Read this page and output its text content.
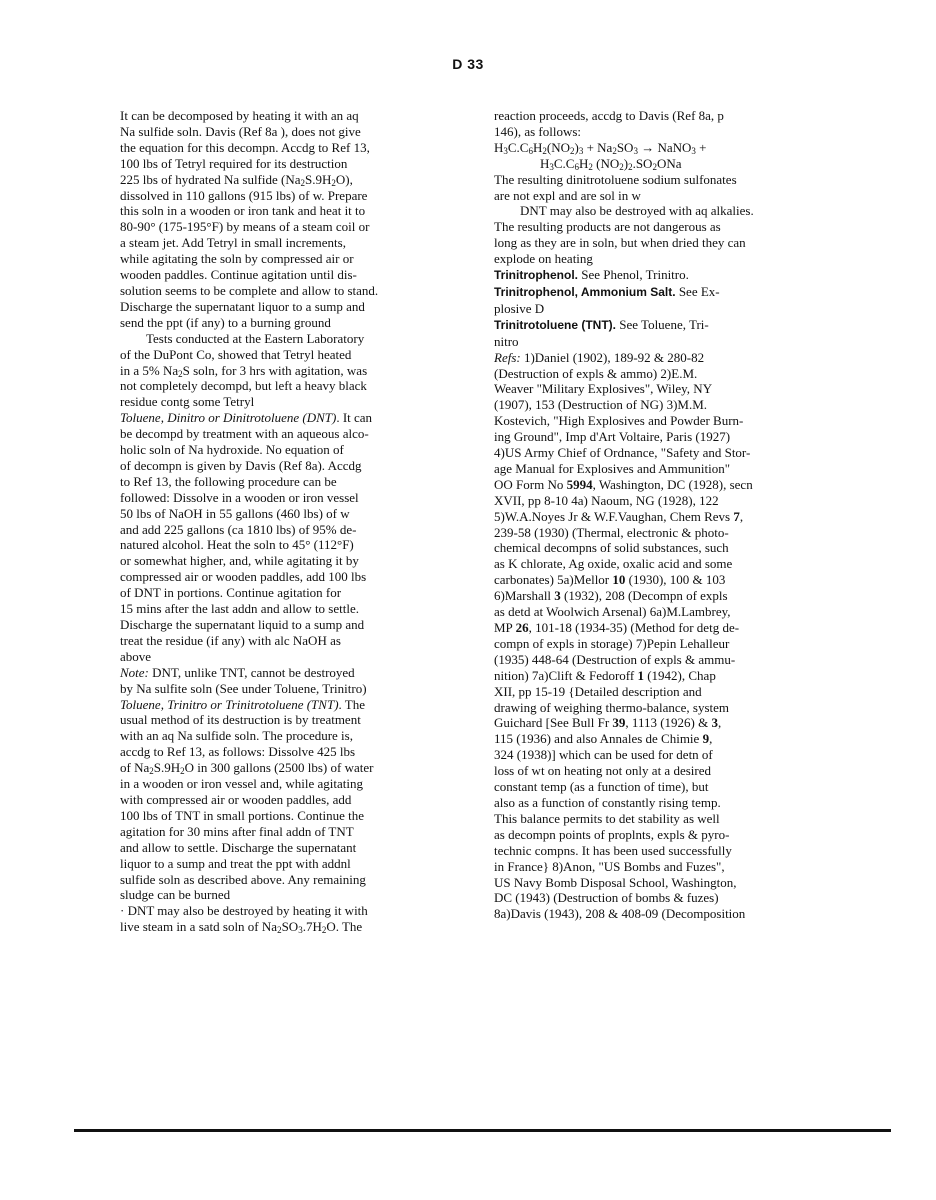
D 33

It can be decomposed by heating it with an aq

Na sulfide soln. Davis (Ref 8a ), does not give

the equation for this decompn. Accdg to Ref 13,

100 lbs of Tetryl required for its destruction

225 lbs of hydrated Na sulfide $(Na_2S.9H_2O)$,

dissolved in 110 gallons (915 lbs) of w. Prepare

this soln in a wooden or iron tank and heat it to

80-90° (175-195°F) by means of a steam coil or

a steam jet. Add Tetryl in small increments,

while agitating the soln by compressed air or

wooden paddles. Continue agitation until dis-

solution seems to be complete and allow to stand.

Discharge the supernatant liquor to a sump and

send the ppt (if any) to a burning ground

Tests conducted at the Eastern Laboratory

of the DuPont Co, showed that Tetryl heated

in a 5% $Na_2S$ soln, for 3 hrs with agitation, was

not completely decompd, but left a heavy black

residue contg some Tetryl

Toluene, Dinitro or Dinitrotoluene (DNT). It can

be decompd by treatment with an aqueous alco-

holic soln of Na hydroxide. No equation of

of decompn is given by Davis (Ref 8a). Accdg

to Ref 13, the following procedure can be

followed: Dissolve in a wooden or iron vessel

50 lbs of NaOH in 55 gallons (460 lbs) of w

and add 225 gallons (ca 1810 lbs) of 95% de-

natured alcohol. Heat the soln to 45° (112°F)

or somewhat higher, and, while agitating it by

compressed air or wooden paddles, add 100 lbs

of DNT in portions. Continue agitation for

15 mins after the last addn and allow to settle.

Discharge the supernatant liquid to a sump and

treat the residue (if any) with alc NaOH as

above

Note: DNT, unlike TNT, cannot be destroyed

by Na sulfite soln (See under Toluene, Trinitro)

Toluene, Trinitro or Trinitrotoluene (TNT). The

usual method of its destruction is by treatment

with an aq Na sulfide soln. The procedure is,

accdg to Ref 13, as follows: Dissolve 425 lbs

of $Na_2S.9H_2O$ in 300 gallons (2500 lbs) of water

in a wooden or iron vessel and, while agitating

with compressed air or wooden paddles, add

100 lbs of TNT in small portions. Continue the

agitation for 30 mins after final addn of TNT

and allow to settle. Discharge the supernatant

liquor to a sump and treat the ppt with addnl

sulfide soln as described above. Any remaining

sludge can be burned

· DNT may also be destroyed by heating it with

live steam in a satd soln of $Na_2SO_3.7H_2O$. The

reaction proceeds, accdg to Davis (Ref 8a, p

146), as follows:

$H_3C.C_6H_2(NO_2)_3 + Na_2SO_3$ → NaNO$_3$ +

$H_3C.C_6H_2$ $(NO_2)_2.SO_2ONa$

The resulting dinitrotoluene sodium sulfonates

are not expl and are sol in w

DNT may also be destroyed with aq alkalies.

The resulting products are not dangerous as

long as they are in soln, but when dried they can

explode on heating

Trinitrophenol. See Phenol, Trinitro.

Trinitrophenol, Ammonium Salt. See Ex-

plosive D

Trinitrotoluene (TNT). See Toluene, Tri-

nitro

Refs: 1)Daniel (1902), 189-92 & 280-82

(Destruction of expls & ammo) 2)E.M.

Weaver "Military Explosives", Wiley, NY

(1907), 153 (Destruction of NG) 3)M.M.

Kostevich, "High Explosives and Powder Burn-

ing Ground", Imp d'Art Voltaire, Paris (1927)

4)US Army Chief of Ordnance, "Safety and Stor-

age Manual for Explosives and Ammunition"

OO Form No 5994, Washington, DC (1928), secn

XVII, pp 8-10 4a) Naoum, NG (1928), 122

5)W.A.Noyes Jr & W.F.Vaughan, Chem Revs 7,

239-58 (1930) (Thermal, electronic & photo-

chemical decompns of solid substances, such

as K chlorate, Ag oxide, oxalic acid and some

carbonates) 5a)Mellor 10 (1930), 100 & 103

6)Marshall 3 (1932), 208 (Decompn of expls

as detd at Woolwich Arsenal) 6a)M.Lambrey,

MP 26, 101-18 (1934-35) (Method for detg de-

compn of expls in storage) 7)Pepin Lehalleur

(1935) 448-64 (Destruction of expls & ammu-

nition) 7a)Clift & Fedoroff 1 (1942), Chap

XII, pp 15-19 {Detailed description and

drawing of weighing thermo-balance, system

Guichard [See Bull Fr 39, 1113 (1926) & 3,

115 (1936) and also Annales de Chimie 9,

324 (1938)] which can be used for detn of

loss of wt on heating not only at a desired

constant temp (as a function of time), but

also as a function of constantly rising temp.

This balance permits to det stability as well

as decompn points of proplnts, expls & pyro-

technic compns. It has been used successfully

in France} 8)Anon, "US Bombs and Fuzes",

US Navy Bomb Disposal School, Washington,

DC (1943) (Destruction of bombs & fuzes)

8a)Davis (1943), 208 & 408-09 (Decomposition
